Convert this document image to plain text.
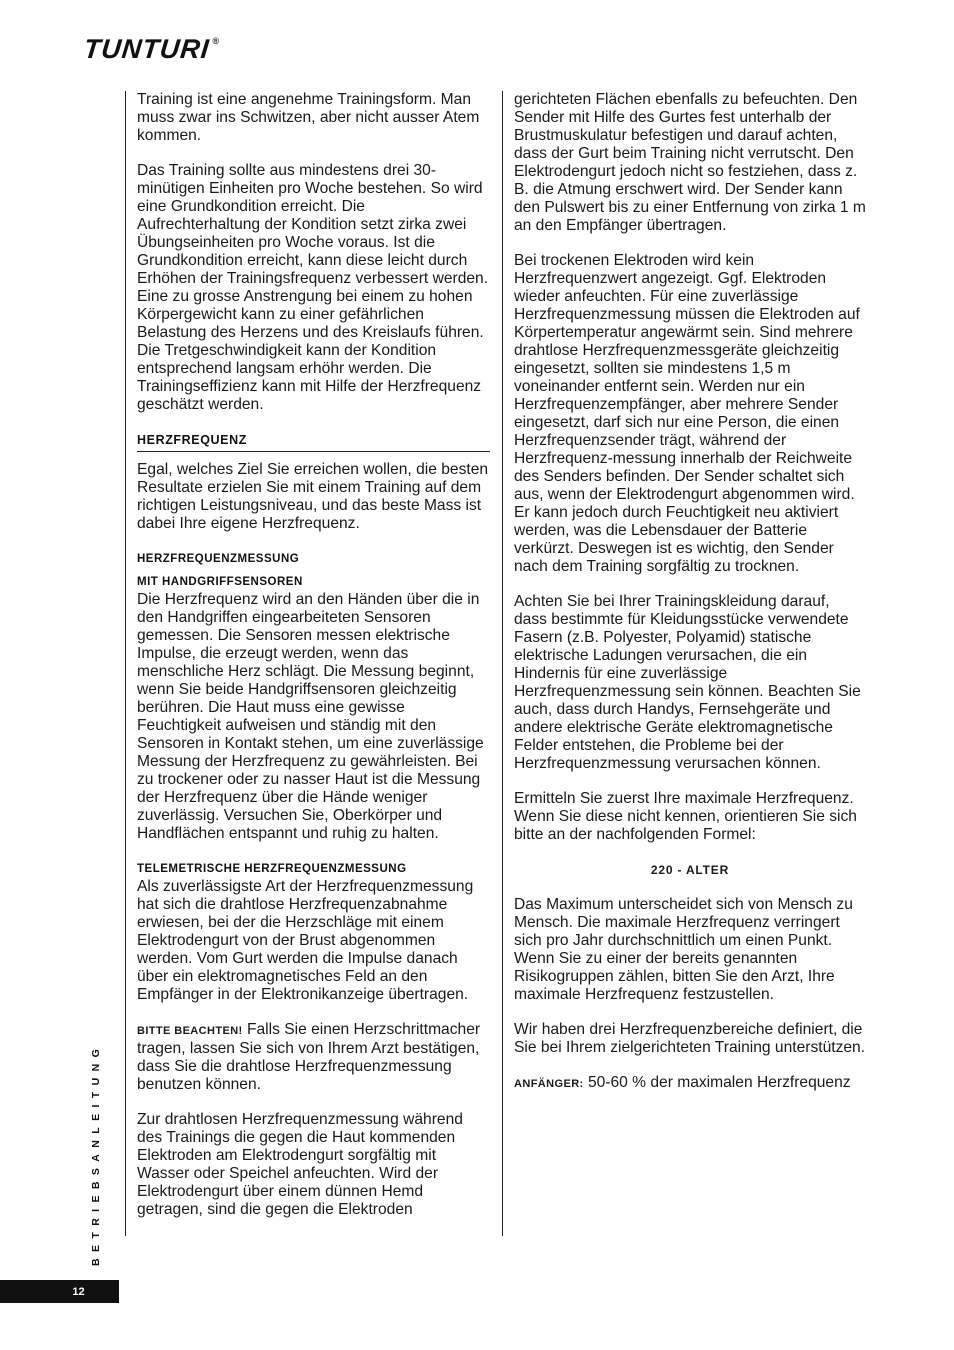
TUNTURI ®

Training ist eine angenehme Trainingsform. Man muss zwar ins Schwitzen, aber nicht ausser Atem kommen.

Das Training sollte aus mindestens drei 30-minütigen Einheiten pro Woche bestehen. So wird eine Grundkondition erreicht. Die Aufrechterhaltung der Kondition setzt zirka zwei Übungseinheiten pro Woche voraus. Ist die Grundkondition erreicht, kann diese leicht durch Erhöhen der Trainingsfrequenz verbessert werden. Eine zu grosse Anstrengung bei einem zu hohen Körpergewicht kann zu einer gefährlichen Belastung des Herzens und des Kreislaufs führen. Die Tretgeschwindigkeit kann der Kondition entsprechend langsam erhöhr werden. Die Trainingseffizienz kann mit Hilfe der Herzfrequenz geschätzt werden.

HERZFREQUENZ

Egal, welches Ziel Sie erreichen wollen, die besten Resultate erzielen Sie mit einem Training auf dem richtigen Leistungsniveau, und das beste Mass ist dabei Ihre eigene Herzfrequenz.

HERZFREQUENZMESSUNG
MIT HANDGRIFFSENSOREN

Die Herzfrequenz wird an den Händen über die in den Handgriffen eingearbeiteten Sensoren gemessen. Die Sensoren messen elektrische Impulse, die erzeugt werden, wenn das menschliche Herz schlägt. Die Messung beginnt, wenn Sie beide Handgriffsensoren gleichzeitig berühren. Die Haut muss eine gewisse Feuchtigkeit aufweisen und ständig mit den Sensoren in Kontakt stehen, um eine zuverlässige Messung der Herzfrequenz zu gewährleisten. Bei zu trockener oder zu nasser Haut ist die Messung der Herzfrequenz über die Hände weniger zuverlässig. Versuchen Sie, Oberkörper und Handflächen entspannt und ruhig zu halten.

TELEMETRISCHE HERZFREQUENZMESSUNG

Als zuverlässigste Art der Herzfrequenzmessung hat sich die drahtlose Herzfrequenzabnahme erwiesen, bei der die Herzschläge mit einem Elektrodengurt von der Brust abgenommen werden. Vom Gurt werden die Impulse danach über ein elektromagnetisches Feld an den Empfänger in der Elektronikanzeige übertragen.

BITTE BEACHTEN! Falls Sie einen Herzschrittmacher tragen, lassen Sie sich von Ihrem Arzt bestätigen, dass Sie die drahtlose Herzfrequenzmessung benutzen können.

Zur drahtlosen Herzfrequenzmessung während des Trainings die gegen die Haut kommenden Elektroden am Elektrodengurt sorgfältig mit Wasser oder Speichel anfeuchten. Wird der Elektrodengurt über einem dünnen Hemd getragen, sind die gegen die Elektroden

gerichteten Flächen ebenfalls zu befeuchten. Den Sender mit Hilfe des Gurtes fest unterhalb der Brustmuskulatur befestigen und darauf achten, dass der Gurt beim Training nicht verrutscht. Den Elektrodengurt jedoch nicht so festziehen, dass z. B. die Atmung erschwert wird. Der Sender kann den Pulswert bis zu einer Entfernung von zirka 1 m an den Empfänger übertragen.

Bei trockenen Elektroden wird kein Herzfrequenzwert angezeigt. Ggf. Elektroden wieder anfeuchten. Für eine zuverlässige Herzfrequenzmessung müssen die Elektroden auf Körpertemperatur angewärmt sein. Sind mehrere drahtlose Herzfrequenzmessgeräte gleichzeitig eingesetzt, sollten sie mindestens 1,5 m voneinander entfernt sein. Werden nur ein Herzfrequenzempfänger, aber mehrere Sender eingesetzt, darf sich nur eine Person, die einen Herzfrequenzsender trägt, während der Herzfrequenz-messung innerhalb der Reichweite des Senders befinden. Der Sender schaltet sich aus, wenn der Elektrodengurt abgenommen wird. Er kann jedoch durch Feuchtigkeit neu aktiviert werden, was die Lebensdauer der Batterie verkürzt. Deswegen ist es wichtig, den Sender nach dem Training sorgfältig zu trocknen.

Achten Sie bei Ihrer Trainingskleidung darauf, dass bestimmte für Kleidungsstücke verwendete Fasern (z.B. Polyester, Polyamid) statische elektrische Ladungen verursachen, die ein Hindernis für eine zuverlässige Herzfrequenzmessung sein können. Beachten Sie auch, dass durch Handys, Fernsehgeräte und andere elektrische Geräte elektromagnetische Felder entstehen, die Probleme bei der Herzfrequenzmessung verursachen können.

Ermitteln Sie zuerst Ihre maximale Herzfrequenz. Wenn Sie diese nicht kennen, orientieren Sie sich bitte an der nachfolgenden Formel:

220 - ALTER

Das Maximum unterscheidet sich von Mensch zu Mensch. Die maximale Herzfrequenz verringert sich pro Jahr durchschnittlich um einen Punkt. Wenn Sie zu einer der bereits genannten Risikogruppen zählen, bitten Sie den Arzt, Ihre maximale Herzfrequenz festzustellen.

Wir haben drei Herzfrequenzbereiche definiert, die Sie bei Ihrem zielgerichteten Training unterstützen.

ANFÄNGER: 50-60 % der maximalen Herzfrequenz

BETRIEBSANLEITUNG
12
